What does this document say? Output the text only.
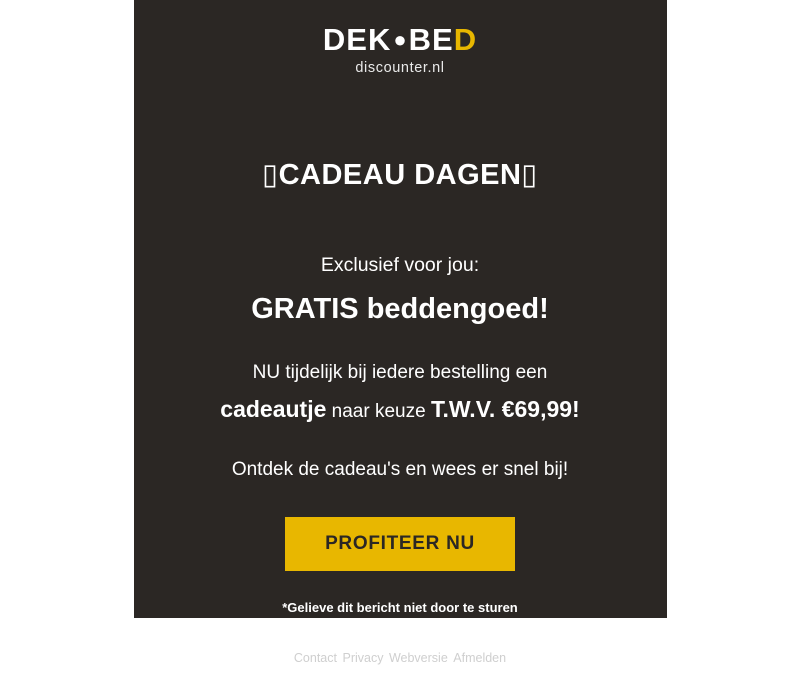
DEK●BED
discounter.nl
▯CADEAU DAGEN▯
Exclusief voor jou:
GRATIS beddengoed!
NU tijdelijk bij iedere bestelling een
cadeautje naar keuze T.W.V. €69,99!
Ontdek de cadeau's en wees er snel bij!
PROFITEER NU
*Gelieve dit bericht niet door te sturen
Contact Privacy Webversie Afmelden
